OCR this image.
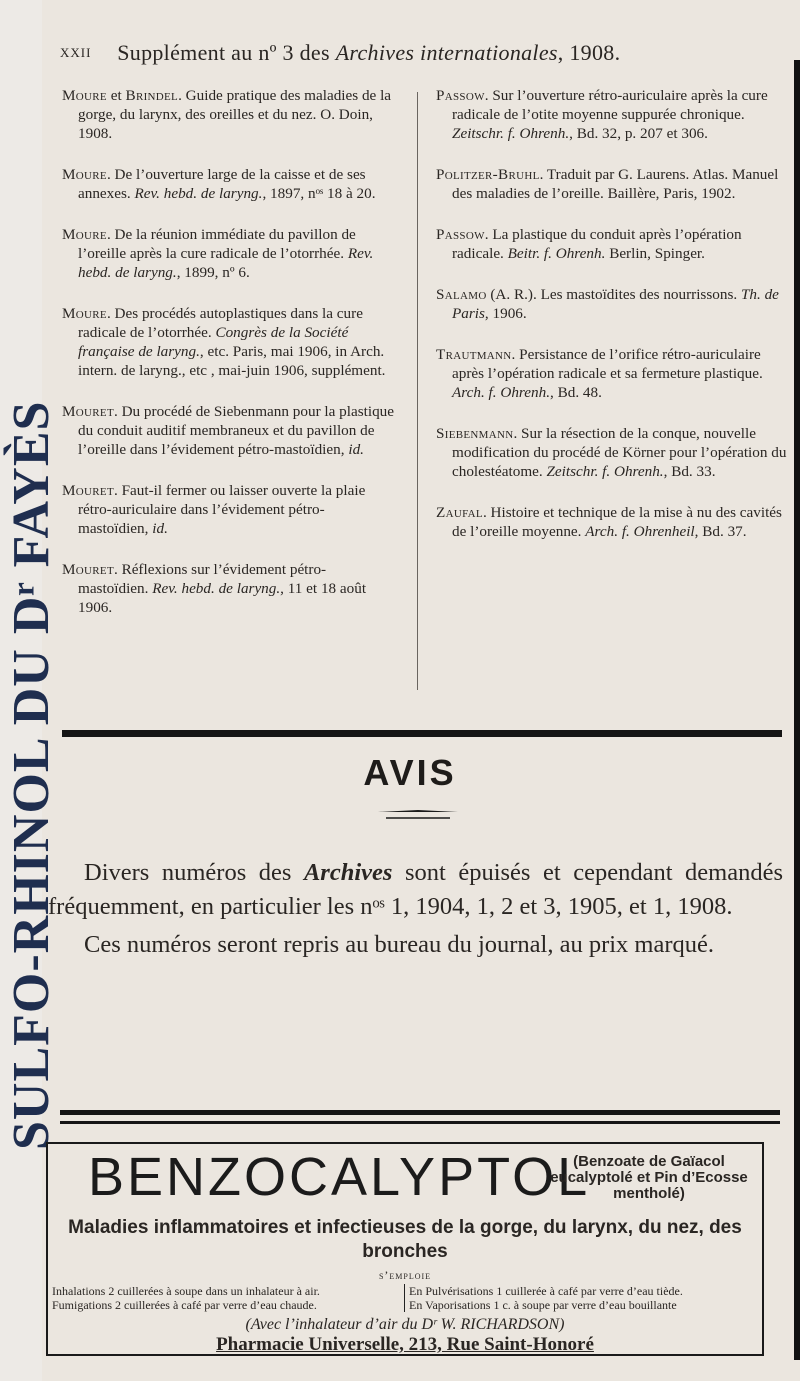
SULFO-RHINOL DU Dʳ FAYÈS
XXII Supplément au nº 3 des Archives internationales, 1908.

Moure et Brindel. Guide pratique des maladies de la gorge, du larynx, des oreilles et du nez. O. Doin, 1908.

Moure. De l’ouverture large de la caisse et de ses annexes. Rev. hebd. de laryng., 1897, nᵒˢ 18 à 20.

Moure. De la réunion immédiate du pavillon de l’oreille après la cure radicale de l’otorrhée. Rev. hebd. de laryng., 1899, nº 6.

Moure. Des procédés autoplastiques dans la cure radicale de l’otorrhée. Congrès de la Société française de laryng., etc. Paris, mai 1906, in Arch. intern. de laryng., etc , mai-juin 1906, supplément.

Mouret. Du procédé de Siebenmann pour la plastique du conduit auditif membraneux et du pavillon de l’oreille dans l’évidement pétro-mastoïdien, id.

Mouret. Faut-il fermer ou laisser ouverte la plaie rétro-auriculaire dans l’évidement pétro-mastoïdien, id.

Mouret. Réflexions sur l’évidement pétro-mastoïdien. Rev. hebd. de laryng., 11 et 18 août 1906.

Passow. Sur l’ouverture rétro-auriculaire après la cure radicale de l’otite moyenne suppurée chronique. Zeitschr. f. Ohrenh., Bd. 32, p. 207 et 306.

Politzer-Bruhl. Traduit par G. Laurens. Atlas. Manuel des maladies de l’oreille. Baillère, Paris, 1902.

Passow. La plastique du conduit après l’opération radicale. Beitr. f. Ohrenh. Berlin, Spinger.

Salamo (A. R.). Les mastoïdites des nourrissons. Th. de Paris, 1906.

Trautmann. Persistance de l’orifice rétro-auriculaire après l’opération radicale et sa fermeture plastique. Arch. f. Ohrenh., Bd. 48.

Siebenmann. Sur la résection de la conque, nouvelle modification du procédé de Körner pour l’opération du cholestéatome. Zeitschr. f. Ohrenh., Bd. 33.

Zaufal. Histoire et technique de la mise à nu des cavités de l’oreille moyenne. Arch. f. Ohrenheil, Bd. 37.

AVIS

Divers numéros des Archives sont épuisés et cependant demandés fréquemment, en particulier les nᵒˢ 1, 1904, 1, 2 et 3, 1905, et 1, 1908.

Ces numéros seront repris au bureau du journal, au prix marqué.

BENZOCALYPTOL
(Benzoate de Gaïacol eucalyptolé et Pin d’Ecosse mentholé)
Maladies inflammatoires et infectieuses de la gorge, du larynx, du nez, des bronches
s’emploie
Inhalations 2 cuillerées à soupe dans un inhalateur à air.	En Pulvérisations 1 cuillerée à café par verre d’eau tiède.
Fumigations 2 cuillerées à café par verre d’eau chaude.	En Vaporisations 1 c. à soupe par verre d’eau bouillante
(Avec l’inhalateur d’air du Dʳ W. RICHARDSON)
Pharmacie Universelle, 213, Rue Saint-Honoré
